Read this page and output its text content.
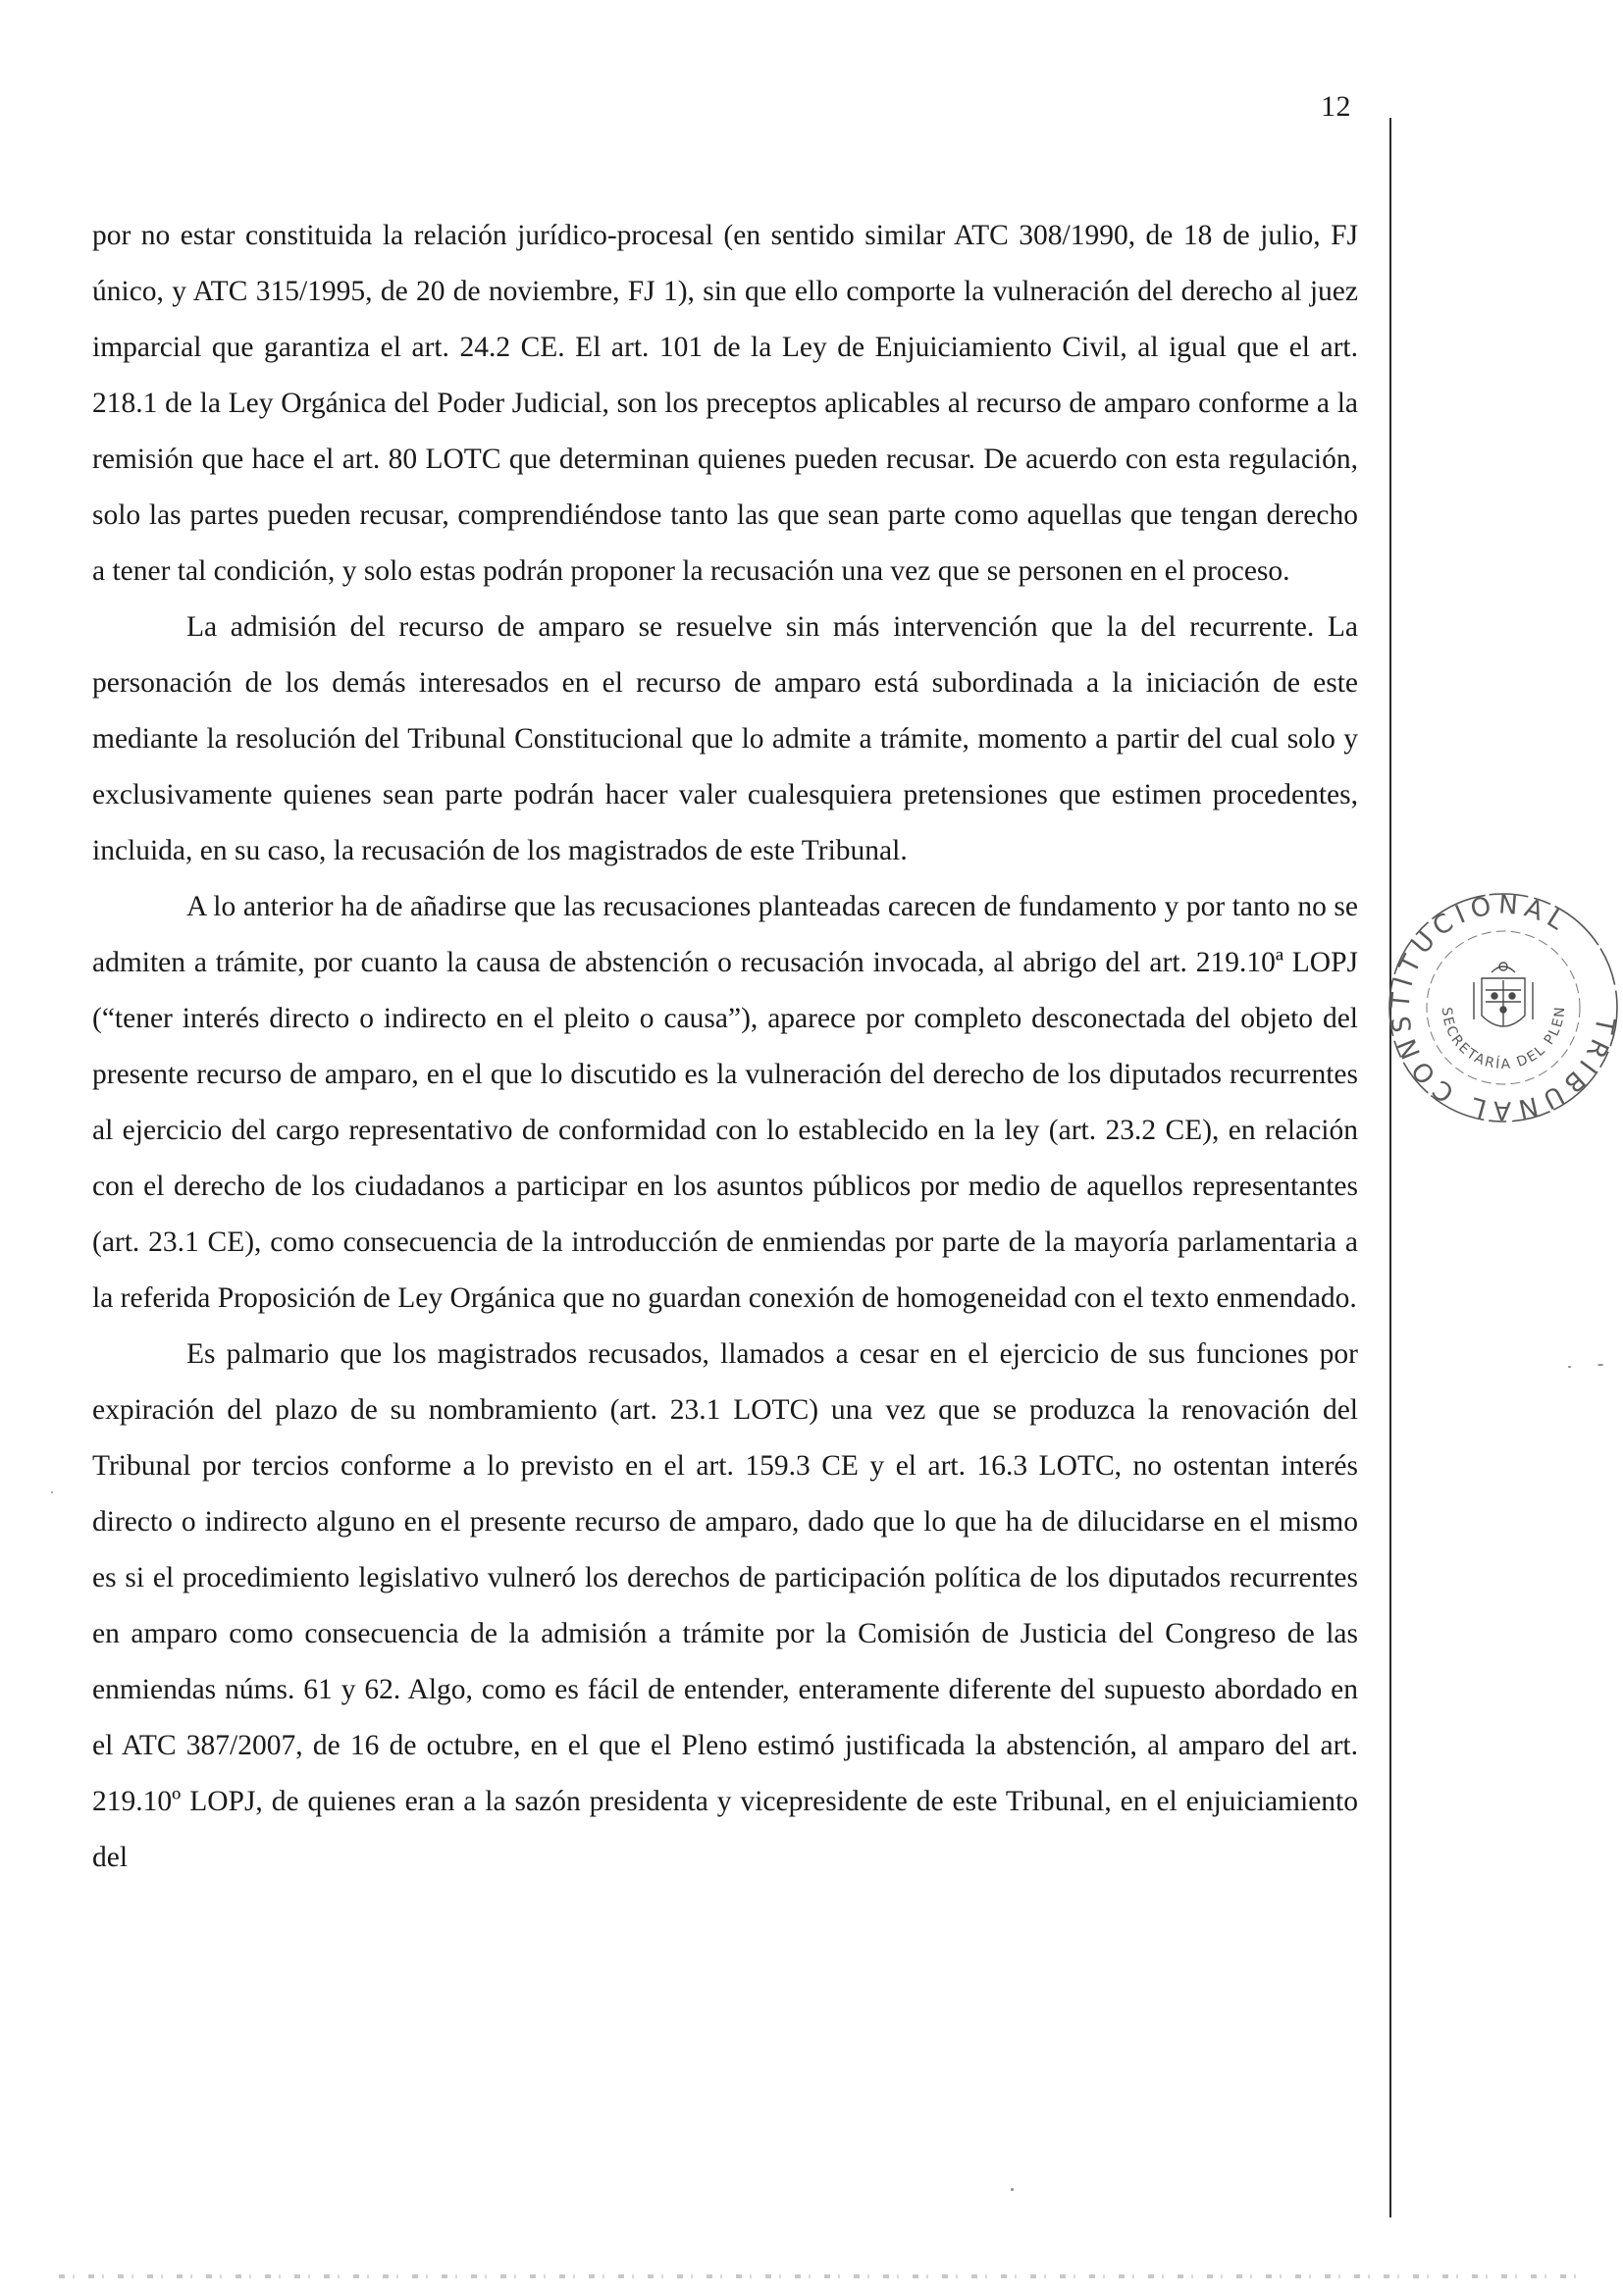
12

por no estar constituida la relación jurídico-procesal (en sentido similar ATC 308/1990, de 18 de julio, FJ único, y ATC 315/1995, de 20 de noviembre, FJ 1), sin que ello comporte la vulneración del derecho al juez imparcial que garantiza el art. 24.2 CE. El art. 101 de la Ley de Enjuiciamiento Civil, al igual que el art. 218.1 de la Ley Orgánica del Poder Judicial, son los preceptos aplicables al recurso de amparo conforme a la remisión que hace el art. 80 LOTC que determinan quienes pueden recusar. De acuerdo con esta regulación, solo las partes pueden recusar, comprendiéndose tanto las que sean parte como aquellas que tengan derecho a tener tal condición, y solo estas podrán proponer la recusación una vez que se personen en el proceso.

La admisión del recurso de amparo se resuelve sin más intervención que la del recurrente. La personación de los demás interesados en el recurso de amparo está subordinada a la iniciación de este mediante la resolución del Tribunal Constitucional que lo admite a trámite, momento a partir del cual solo y exclusivamente quienes sean parte podrán hacer valer cualesquiera pretensiones que estimen procedentes, incluida, en su caso, la recusación de los magistrados de este Tribunal.

A lo anterior ha de añadirse que las recusaciones planteadas carecen de fundamento y por tanto no se admiten a trámite, por cuanto la causa de abstención o recusación invocada, al abrigo del art. 219.10ª LOPJ (“tener interés directo o indirecto en el pleito o causa”), aparece por completo desconectada del objeto del presente recurso de amparo, en el que lo discutido es la vulneración del derecho de los diputados recurrentes al ejercicio del cargo representativo de conformidad con lo establecido en la ley (art. 23.2 CE), en relación con el derecho de los ciudadanos a participar en los asuntos públicos por medio de aquellos representantes (art. 23.1 CE), como consecuencia de la introducción de enmiendas por parte de la mayoría parlamentaria a la referida Proposición de Ley Orgánica que no guardan conexión de homogeneidad con el texto enmendado.

Es palmario que los magistrados recusados, llamados a cesar en el ejercicio de sus funciones por expiración del plazo de su nombramiento (art. 23.1 LOTC) una vez que se produzca la renovación del Tribunal por tercios conforme a lo previsto en el art. 159.3 CE y el art. 16.3 LOTC, no ostentan interés directo o indirecto alguno en el presente recurso de amparo, dado que lo que ha de dilucidarse en el mismo es si el procedimiento legislativo vulneró los derechos de participación política de los diputados recurrentes en amparo como consecuencia de la admisión a trámite por la Comisión de Justicia del Congreso de las enmiendas núms. 61 y 62. Algo, como es fácil de entender, enteramente diferente del supuesto abordado en el ATC 387/2007, de 16 de octubre, en el que el Pleno estimó justificada la abstención, al amparo del art. 219.10º LOPJ, de quienes eran a la sazón presidenta y vicepresidente de este Tribunal, en el enjuiciamiento del

TRIBUNAL CONSTITUCIONAL
SECRETARÍA DEL PLEN
